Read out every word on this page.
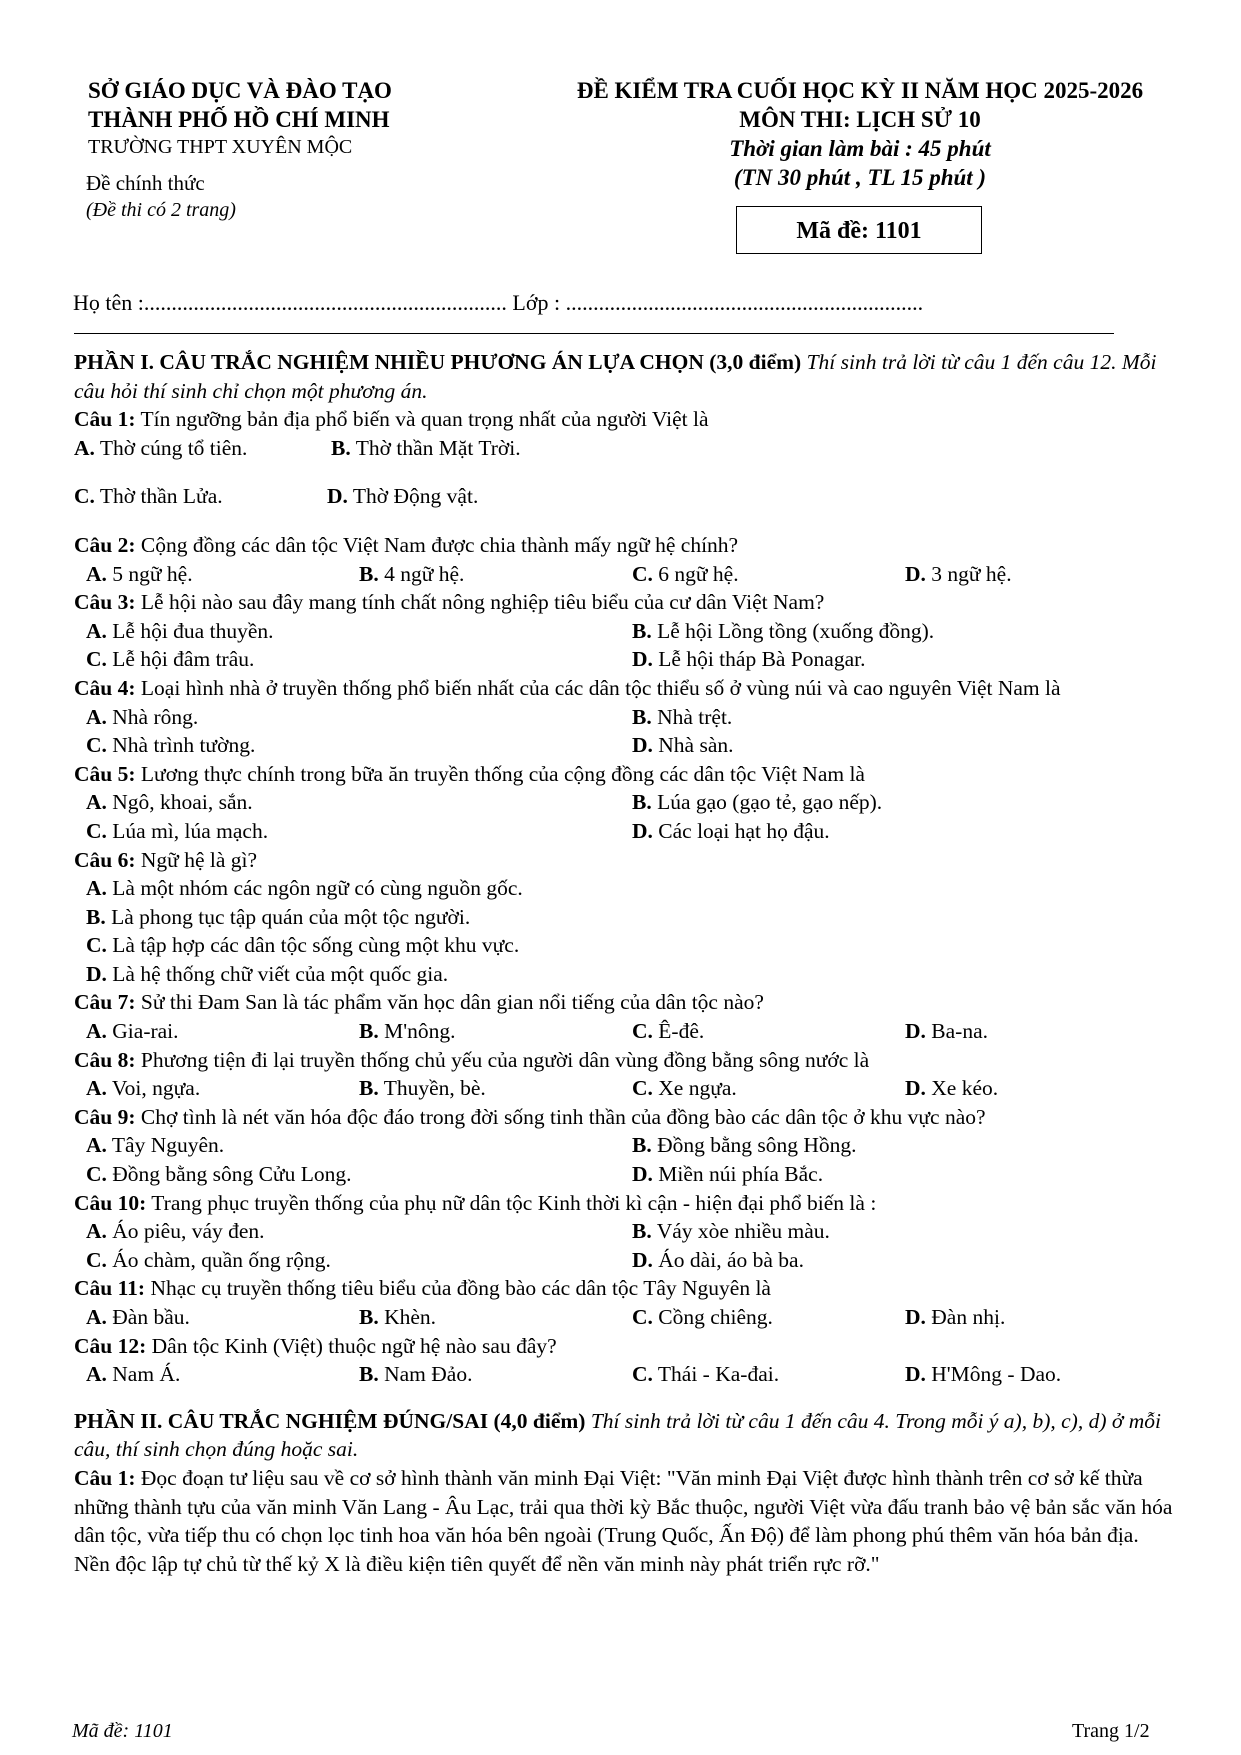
SỞ GIÁO DỤC VÀ ĐÀO TẠO
THÀNH PHỐ HỒ CHÍ MINH
TRƯỜNG THPT XUYÊN MỘC
Đề chính thức
(Đề thi có 2 trang)
ĐỀ KIỂM TRA CUỐI HỌC KỲ II NĂM HỌC 2025-2026
MÔN THI: LỊCH SỬ 10
Thời gian làm bài : 45 phút
(TN 30 phút , TL 15 phút )
Mã đề: 1101
Họ tên :.................................................................. Lớp : .................................................................
PHẦN I. CÂU TRẮC NGHIỆM NHIỀU PHƯƠNG ÁN LỰA CHỌN (3,0 điểm) Thí sinh trả lời từ câu 1 đến câu 12. Mỗi câu hỏi thí sinh chỉ chọn một phương án.
Câu 1: Tín ngưỡng bản địa phổ biến và quan trọng nhất của người Việt là
A. Thờ cúng tổ tiên.	B. Thờ thần Mặt Trời.
C. Thờ thần Lửa.	D. Thờ Động vật.
Câu 2: Cộng đồng các dân tộc Việt Nam được chia thành mấy ngữ hệ chính?
A. 5 ngữ hệ.	B. 4 ngữ hệ.	C. 6 ngữ hệ.	D. 3 ngữ hệ.
Câu 3: Lễ hội nào sau đây mang tính chất nông nghiệp tiêu biểu của cư dân Việt Nam?
A. Lễ hội đua thuyền.	B. Lễ hội Lồng tồng (xuống đồng).
C. Lễ hội đâm trâu.	D. Lễ hội tháp Bà Ponagar.
Câu 4: Loại hình nhà ở truyền thống phổ biến nhất của các dân tộc thiểu số ở vùng núi và cao nguyên Việt Nam là
A. Nhà rông.	B. Nhà trệt.
C. Nhà trình tường.	D. Nhà sàn.
Câu 5: Lương thực chính trong bữa ăn truyền thống của cộng đồng các dân tộc Việt Nam là
A. Ngô, khoai, sắn.	B. Lúa gạo (gạo tẻ, gạo nếp).
C. Lúa mì, lúa mạch.	D. Các loại hạt họ đậu.
Câu 6: Ngữ hệ là gì?
A. Là một nhóm các ngôn ngữ có cùng nguồn gốc.
B. Là phong tục tập quán của một tộc người.
C. Là tập hợp các dân tộc sống cùng một khu vực.
D. Là hệ thống chữ viết của một quốc gia.
Câu 7: Sử thi Đam San là tác phẩm văn học dân gian nổi tiếng của dân tộc nào?
A. Gia-rai.	B. M'nông.	C. Ê-đê.	D. Ba-na.
Câu 8: Phương tiện đi lại truyền thống chủ yếu của người dân vùng đồng bằng sông nước là
A. Voi, ngựa.	B. Thuyền, bè.	C. Xe ngựa.	D. Xe kéo.
Câu 9: Chợ tình là nét văn hóa độc đáo trong đời sống tinh thần của đồng bào các dân tộc ở khu vực nào?
A. Tây Nguyên.	B. Đồng bằng sông Hồng.
C. Đồng bằng sông Cửu Long.	D. Miền núi phía Bắc.
Câu 10: Trang phục truyền thống của phụ nữ dân tộc Kinh thời kì cận - hiện đại phổ biến là :
A. Áo piêu, váy đen.	B. Váy xòe nhiều màu.
C. Áo chàm, quần ống rộng.	D. Áo dài, áo bà ba.
Câu 11: Nhạc cụ truyền thống tiêu biểu của đồng bào các dân tộc Tây Nguyên là
A. Đàn bầu.	B. Khèn.	C. Cồng chiêng.	D. Đàn nhị.
Câu 12: Dân tộc Kinh (Việt) thuộc ngữ hệ nào sau đây?
A. Nam Á.	B. Nam Đảo.	C. Thái - Ka-đai.	D. H'Mông - Dao.
PHẦN II. CÂU TRẮC NGHIỆM ĐÚNG/SAI (4,0 điểm) Thí sinh trả lời từ câu 1 đến câu 4. Trong mỗi ý a), b), c), d) ở mỗi câu, thí sinh chọn đúng hoặc sai.
Câu 1: Đọc đoạn tư liệu sau về cơ sở hình thành văn minh Đại Việt: "Văn minh Đại Việt được hình thành trên cơ sở kế thừa những thành tựu của văn minh Văn Lang - Âu Lạc, trải qua thời kỳ Bắc thuộc, người Việt vừa đấu tranh bảo vệ bản sắc văn hóa dân tộc, vừa tiếp thu có chọn lọc tinh hoa văn hóa bên ngoài (Trung Quốc, Ấn Độ) để làm phong phú thêm văn hóa bản địa. Nền độc lập tự chủ từ thế kỷ X là điều kiện tiên quyết để nền văn minh này phát triển rực rỡ."
Mã đề: 1101	Trang 1/2
